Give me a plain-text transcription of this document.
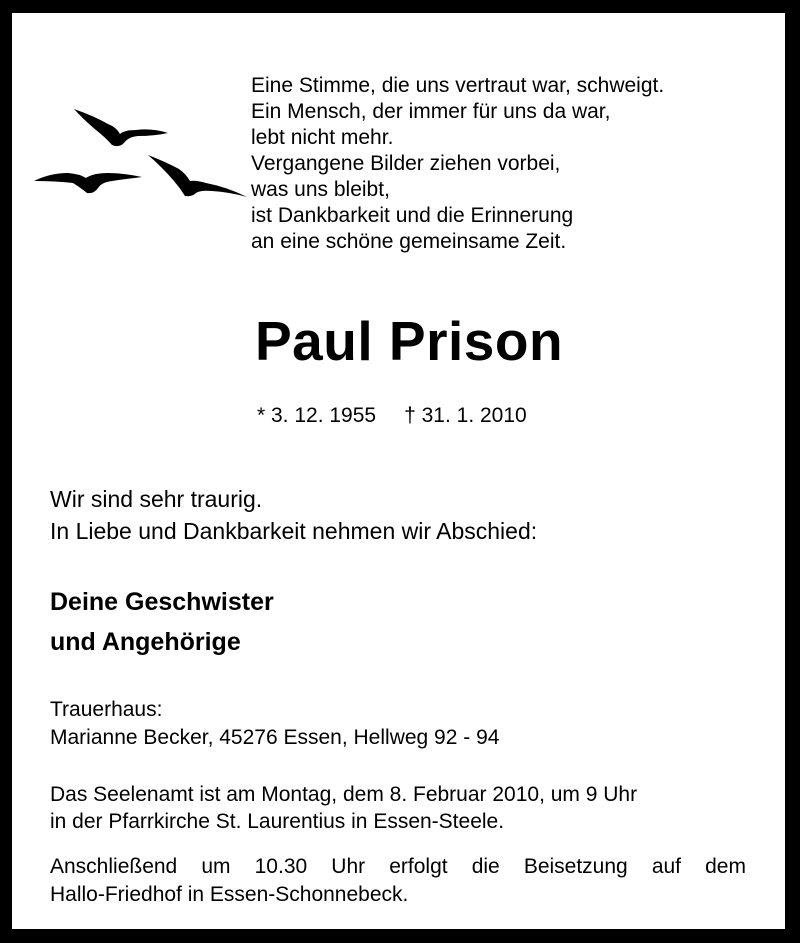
Eine Stimme, die uns vertraut war, schweigt.
Ein Mensch, der immer für uns da war,
lebt nicht mehr.
Vergangene Bilder ziehen vorbei,
was uns bleibt,
ist Dankbarkeit und die Erinnerung
an eine schöne gemeinsame Zeit.
Paul Prison
* 3. 12. 1955 † 31. 1. 2010
Wir sind sehr traurig.
In Liebe und Dankbarkeit nehmen wir Abschied:
Deine Geschwister
und Angehörige
Trauerhaus:
Marianne Becker, 45276 Essen, Hellweg 92 - 94
Das Seelenamt ist am Montag, dem 8. Februar 2010, um 9 Uhr
in der Pfarrkirche St. Laurentius in Essen-Steele.
Anschließend um 10.30 Uhr erfolgt die Beisetzung auf dem
Hallo-Friedhof in Essen-Schonnebeck.
